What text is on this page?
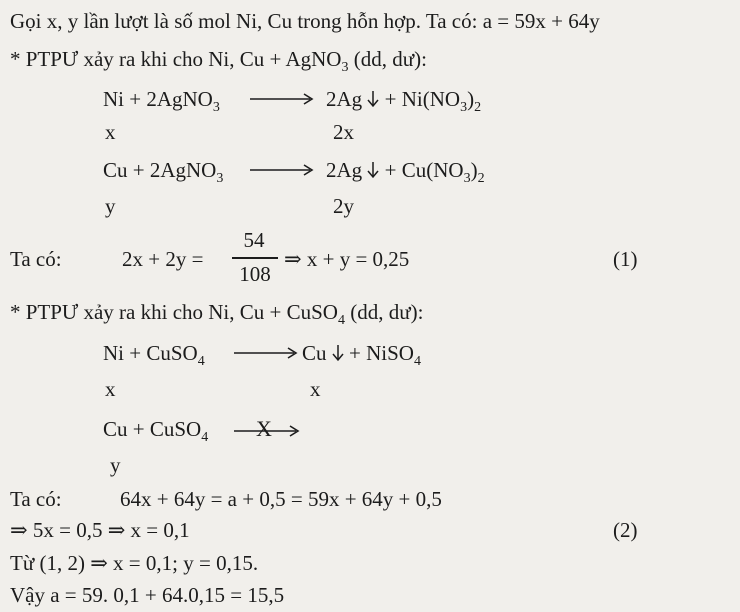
Gọi x, y lần lượt là số mol Ni, Cu trong hỗn hợp. Ta có: a = 59x + 64y
* PTPƯ xảy ra khi cho Ni, Cu + AgNO$_3$ (dd, dư):
Ni + 2AgNO$_3$	$2Ag + Ni(NO_3)_2$
x	2x
Cu + 2AgNO$_3$	$2Ag + Cu(NO_3)_2$
y	2y
Ta có:	2x + 2y =
54
108
⇒ x + y = 0,25	(1)
* PTPƯ xảy ra khi cho Ni, Cu + CuSO$_4$ (dd, dư):
Ni + CuSO$_4$	Cu  + NiSO$_4$
x	x
Cu + CuSO$_4$ X
y
Ta có:	64x + 64y = a + 0,5 = 59x + 64y + 0,5
⇒ 5x = 0,5 ⇒ x = 0,1	(2)
Từ (1, 2) ⇒ x = 0,1; y = 0,15.
Vậy a = 59. 0,1 + 64.0,15 = 15,5
